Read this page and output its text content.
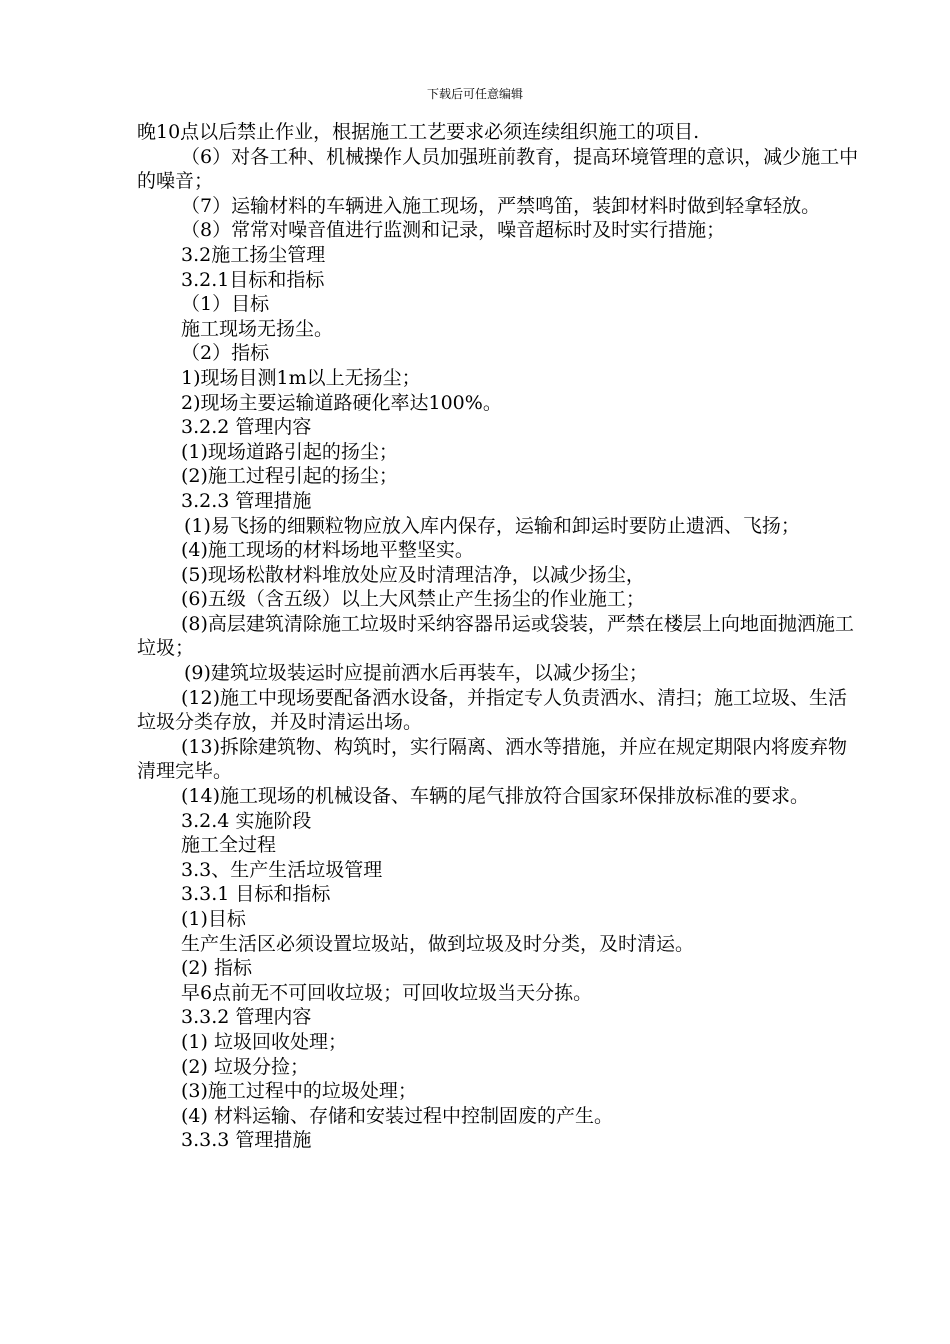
下载后可任意编辑

晚10点以后禁止作业，根据施工工艺要求必须连续组织施工的项目.

（6）对各工种、机械操作人员加强班前教育，提高环境管理的意识，减少施工中的噪音；

（7）运输材料的车辆进入施工现场，严禁鸣笛，装卸材料时做到轻拿轻放。

（8）常常对噪音值进行监测和记录，噪音超标时及时实行措施；

3.2施工扬尘管理

3.2.1目标和指标

（1）目标

施工现场无扬尘。

（2）指标

1)现场目测1m以上无扬尘；

2)现场主要运输道路硬化率达100%。

3.2.2 管理内容

(1)现场道路引起的扬尘；

(2)施工过程引起的扬尘；

3.2.3 管理措施

(1)易飞扬的细颗粒物应放入库内保存，运输和卸运时要防止遗洒、飞扬；

(4)施工现场的材料场地平整坚实。

(5)现场松散材料堆放处应及时清理洁净，以减少扬尘，

(6)五级（含五级）以上大风禁止产生扬尘的作业施工；

(8)高层建筑清除施工垃圾时采纳容器吊运或袋装，严禁在楼层上向地面抛洒施工垃圾；

(9)建筑垃圾装运时应提前洒水后再装车，以减少扬尘；

(12)施工中现场要配备洒水设备，并指定专人负责洒水、清扫；施工垃圾、生活垃圾分类存放，并及时清运出场。

(13)拆除建筑物、构筑时，实行隔离、洒水等措施，并应在规定期限内将废弃物清理完毕。

(14)施工现场的机械设备、车辆的尾气排放符合国家环保排放标准的要求。

3.2.4 实施阶段

施工全过程

3.3、生产生活垃圾管理

3.3.1 目标和指标

(1)目标

生产生活区必须设置垃圾站，做到垃圾及时分类，及时清运。

(2) 指标

早6点前无不可回收垃圾；可回收垃圾当天分拣。

3.3.2 管理内容

(1) 垃圾回收处理；

(2) 垃圾分捡；

(3)施工过程中的垃圾处理；

(4) 材料运输、存储和安装过程中控制固废的产生。

3.3.3 管理措施
